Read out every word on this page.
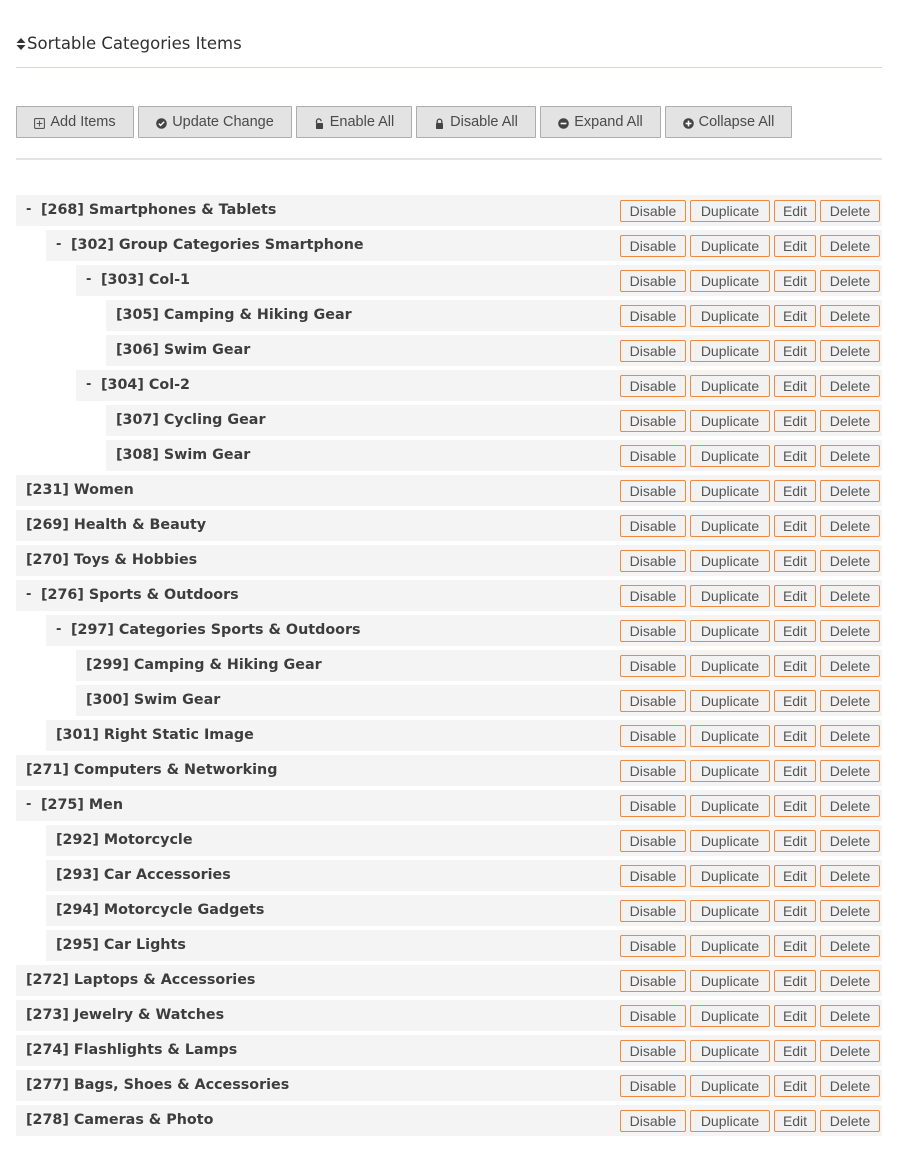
Sortable Categories Items
Add Items	Update Change	Enable All	Disable All	Expand All	Collapse All
- [268] Smartphones & Tablets	Disable	Duplicate	Edit	Delete
- [302] Group Categories Smartphone	Disable	Duplicate	Edit	Delete
- [303] Col-1	Disable	Duplicate	Edit	Delete
[305] Camping & Hiking Gear	Disable	Duplicate	Edit	Delete
[306] Swim Gear	Disable	Duplicate	Edit	Delete
- [304] Col-2	Disable	Duplicate	Edit	Delete
[307] Cycling Gear	Disable	Duplicate	Edit	Delete
[308] Swim Gear	Disable	Duplicate	Edit	Delete
[231] Women	Disable	Duplicate	Edit	Delete
[269] Health & Beauty	Disable	Duplicate	Edit	Delete
[270] Toys & Hobbies	Disable	Duplicate	Edit	Delete
- [276] Sports & Outdoors	Disable	Duplicate	Edit	Delete
- [297] Categories Sports & Outdoors	Disable	Duplicate	Edit	Delete
[299] Camping & Hiking Gear	Disable	Duplicate	Edit	Delete
[300] Swim Gear	Disable	Duplicate	Edit	Delete
[301] Right Static Image	Disable	Duplicate	Edit	Delete
[271] Computers & Networking	Disable	Duplicate	Edit	Delete
- [275] Men	Disable	Duplicate	Edit	Delete
[292] Motorcycle	Disable	Duplicate	Edit	Delete
[293] Car Accessories	Disable	Duplicate	Edit	Delete
[294] Motorcycle Gadgets	Disable	Duplicate	Edit	Delete
[295] Car Lights	Disable	Duplicate	Edit	Delete
[272] Laptops & Accessories	Disable	Duplicate	Edit	Delete
[273] Jewelry & Watches	Disable	Duplicate	Edit	Delete
[274] Flashlights & Lamps	Disable	Duplicate	Edit	Delete
[277] Bags, Shoes & Accessories	Disable	Duplicate	Edit	Delete
[278] Cameras & Photo	Disable	Duplicate	Edit	Delete
